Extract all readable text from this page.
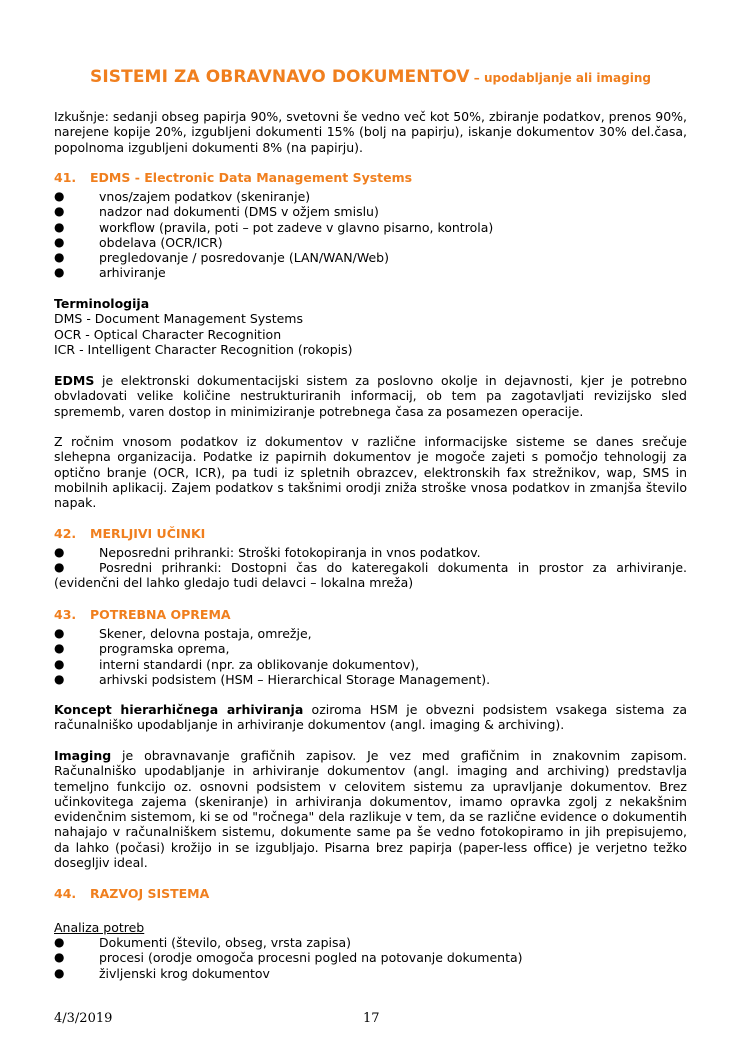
SISTEMI ZA OBRAVNAVO DOKUMENTOV – upodabljanje ali imaging
Izkušnje: sedanji obseg papirja 90%, svetovni še vedno več kot 50%, zbiranje podatkov, prenos 90%, narejene kopije 20%, izgubljeni dokumenti 15% (bolj na papirju), iskanje dokumentov 30% del.časa, popolnoma izgubljeni dokumenti 8% (na papirju).
41. EDMS - Electronic Data Management Systems
●	vnos/zajem podatkov (skeniranje)
●	nadzor nad dokumenti (DMS v ožjem smislu)
●	workflow (pravila, poti – pot zadeve v glavno pisarno, kontrola)
●	obdelava (OCR/ICR)
●	pregledovanje / posredovanje (LAN/WAN/Web)
●	arhiviranje
Terminologija
DMS - Document Management Systems
OCR - Optical Character Recognition
ICR - Intelligent Character Recognition (rokopis)
EDMS je elektronski dokumentacijski sistem za poslovno okolje in dejavnosti, kjer je potrebno obvladovati velike količine nestrukturiranih informacij, ob tem pa zagotavljati revizijsko sled sprememb, varen dostop in minimiziranje potrebnega časa za posamezen operacije.
Z ročnim vnosom podatkov iz dokumentov v različne informacijske sisteme se danes srečuje slehерna organizacija. Podatke iz papirnih dokumentov je mogoče zajeti s pomočjo tehnologij za optično branje (OCR, ICR), pa tudi iz spletnih obrazcev, elektronskih fax strežnikov, wap, SMS in mobilnih aplikacij. Zajem podatkov s takšnimi orodji zniža stroške vnosa podatkov in zmanjša število napak.
42. MERLJIVI UČINKI
●	Neposredni prihranki: Stroški fotokopiranja in vnos podatkov.
●	Posredni prihranki: Dostopni čas do kateregakoli dokumenta in prostor za arhiviranje. (evidenčni del lahko gledajo tudi delavci – lokalna mreža)
43. POTREBNA OPREMA
●	Skener, delovna postaja, omrežje,
●	programska oprema,
●	interni standardi (npr. za oblikovanje dokumentov),
●	arhivski podsistem (HSM – Hierarchical Storage Management).
Koncept hierarhičnega arhiviranja oziroma HSM je obvezni podsistem vsakega sistema za računalniško upodabljanje in arhiviranje dokumentov (angl. imaging & archiving).
Imaging je obravnavanje grafičnih zapisov. Je vez med grafičnim in znakovnim zapisom. Računalniško upodabljanje in arhiviranje dokumentov (angl. imaging and archiving) predstavlja temeljno funkcijo oz. osnovni podsistem v celovitem sistemu za upravljanje dokumentov. Brez učinkovitega zajema (skeniranje) in arhiviranja dokumentov, imamo opravka zgolj z nekakšnim evidenčnim sistemom, ki se od "ročnega" dela razlikuje v tem, da se različne evidence o dokumentih nahajajo v računalniškem sistemu, dokumente same pa še vedno fotokopiramo in jih prepisujemo, da lahko (počasi) krožijo in se izgubljajo. Pisarna brez papirja (paper-less office) je verjetno težko dosegljiv ideal.
44. RAZVOJ SISTEMA
Analiza potreb
●	Dokumenti (število, obseg, vrsta zapisa)
●	procesi (orodje omogoča procesni pogled na potovanje dokumenta)
●	življenski krog dokumentov
4/3/2019	17
